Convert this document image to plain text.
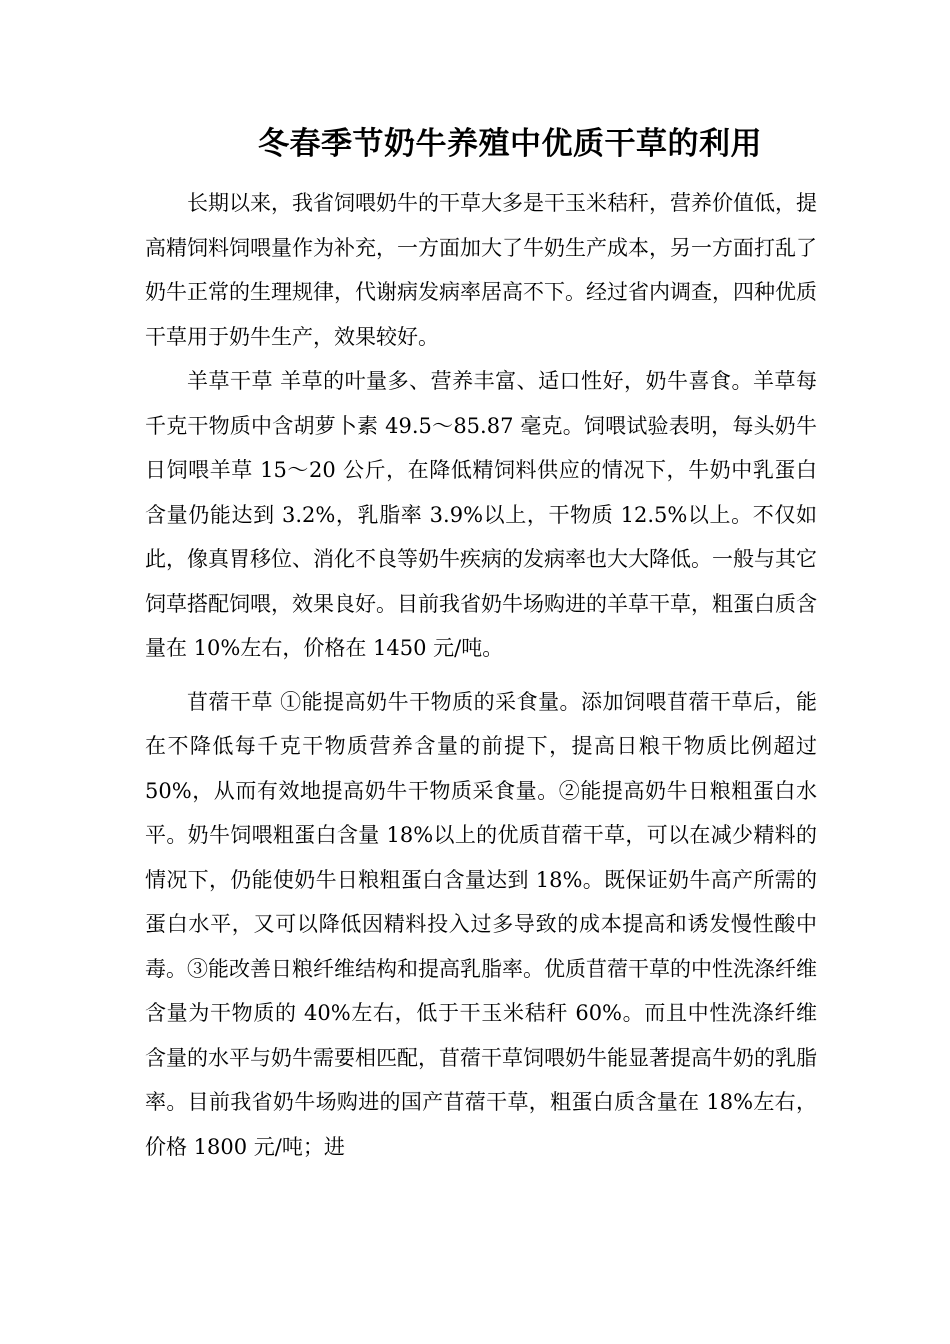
冬春季节奶牛养殖中优质干草的利用

长期以来，我省饲喂奶牛的干草大多是干玉米秸秆，营养价值低，提高精饲料饲喂量作为补充，一方面加大了牛奶生产成本，另一方面打乱了奶牛正常的生理规律，代谢病发病率居高不下。经过省内调查，四种优质干草用于奶牛生产，效果较好。

羊草干草 羊草的叶量多、营养丰富、适口性好，奶牛喜食。羊草每千克干物质中含胡萝卜素 49.5～85.87 毫克。饲喂试验表明，每头奶牛日饲喂羊草 15～20 公斤，在降低精饲料供应的情况下，牛奶中乳蛋白含量仍能达到 3.2%，乳脂率 3.9%以上，干物质 12.5%以上。不仅如此，像真胃移位、消化不良等奶牛疾病的发病率也大大降低。一般与其它饲草搭配饲喂，效果良好。目前我省奶牛场购进的羊草干草，粗蛋白质含量在 10%左右，价格在 1450 元/吨。

苜蓿干草 ①能提高奶牛干物质的采食量。添加饲喂苜蓿干草后，能在不降低每千克干物质营养含量的前提下，提高日粮干物质比例超过 50%，从而有效地提高奶牛干物质采食量。②能提高奶牛日粮粗蛋白水平。奶牛饲喂粗蛋白含量 18%以上的优质苜蓿干草，可以在减少精料的情况下，仍能使奶牛日粮粗蛋白含量达到 18%。既保证奶牛高产所需的蛋白水平，又可以降低因精料投入过多导致的成本提高和诱发慢性酸中毒。③能改善日粮纤维结构和提高乳脂率。优质苜蓿干草的中性洗涤纤维含量为干物质的 40%左右，低于干玉米秸秆 60%。而且中性洗涤纤维含量的水平与奶牛需要相匹配，苜蓿干草饲喂奶牛能显著提高牛奶的乳脂率。目前我省奶牛场购进的国产苜蓿干草，粗蛋白质含量在 18%左右，价格 1800 元/吨；进
